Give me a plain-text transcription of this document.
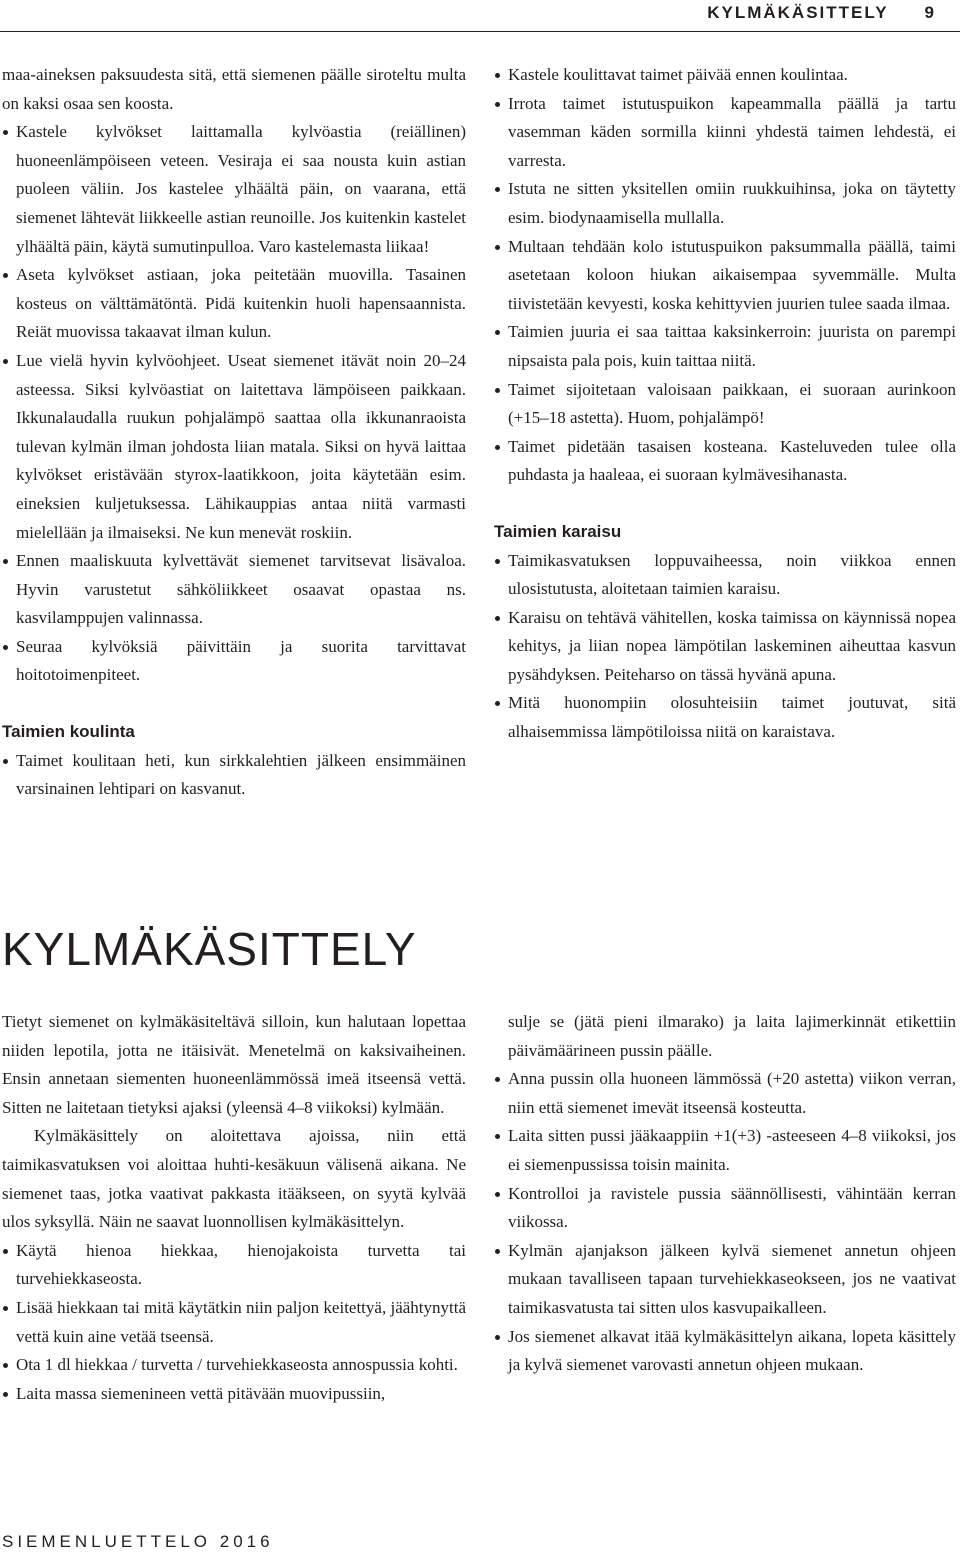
KYLMÄKÄSITTELY 9

maa-aineksen paksuudesta sitä, että siemenen päälle siroteltu multa on kaksi osaa sen koosta.

Kastele kylvökset laittamalla kylvöastia (reiällinen) huoneenlämpöiseen veteen. Vesiraja ei saa nousta kuin astian puoleen väliin. Jos kastelee ylhäältä päin, on vaarana, että siemenet lähtevät liikkeelle astian reunoille. Jos kuitenkin kastelet ylhäältä päin, käytä sumutinpulloa. Varo kastelemasta liikaa!
Aseta kylvökset astiaan, joka peitetään muovilla. Tasainen kosteus on välttämätöntä. Pidä kuitenkin huoli hapensaannista. Reiät muovissa takaavat ilman kulun.
Lue vielä hyvin kylvöohjeet. Useat siemenet itävät noin 20–24 asteessa. Siksi kylvöastiat on laitettava lämpöiseen paikkaan. Ikkunalaudalla ruukun pohjalämpö saattaa olla ikkunanraoista tulevan kylmän ilman johdosta liian matala. Siksi on hyvä laittaa kylvökset eristävään styrox-laatikkoon, joita käytetään esim. eineksien kuljetuksessa. Lähikauppias antaa niitä varmasti mielellään ja ilmaiseksi. Ne kun menevät roskiin.
Ennen maaliskuuta kylvettävät siemenet tarvitsevat lisävaloa. Hyvin varustetut sähköliikkeet osaavat opastaa ns. kasvilamppujen valinnassa.
Seuraa kylvöksiä päivittäin ja suorita tarvittavat hoitotoimenpiteet.
Taimien koulinta
Taimet koulitaan heti, kun sirkkalehtien jälkeen ensimmäinen varsinainen lehtipari on kasvanut.
Kastele koulittavat taimet päivää ennen koulintaa.
Irrota taimet istutuspuikon kapeammalla päällä ja tartu vasemman käden sormilla kiinni yhdestä taimen lehdestä, ei varresta.
Istuta ne sitten yksitellen omiin ruukkuihinsa, joka on täytetty esim. biodynaamisella mullalla.
Multaan tehdään kolo istutuspuikon paksummalla päällä, taimi asetetaan koloon hiukan aikaisempaa syvemmälle. Multa tiivistetään kevyesti, koska kehittyvien juurien tulee saada ilmaa.
Taimien juuria ei saa taittaa kaksinkerroin: juurista on parempi nipsaista pala pois, kuin taittaa niitä.
Taimet sijoitetaan valoisaan paikkaan, ei suoraan aurinkoon (+15–18 astetta). Huom, pohjalämpö!
Taimet pidetään tasaisen kosteana. Kasteluveden tulee olla puhdasta ja haaleaa, ei suoraan kylmävesihanasta.
Taimien karaisu
Taimikasvatuksen loppuvaiheessa, noin viikkoa ennen ulosistutusta, aloitetaan taimien karaisu.
Karaisu on tehtävä vähitellen, koska taimissa on käynnissä nopea kehitys, ja liian nopea lämpötilan laskeminen aiheuttaa kasvun pysähdyksen. Peiteharso on tässä hyvänä apuna.
Mitä huonompiin olosuhteisiin taimet joutuvat, sitä alhaisemmissa lämpötiloissa niitä on karaistava.
KYLMÄKÄSITTELY

Tietyt siemenet on kylmäkäsiteltävä silloin, kun halutaan lopettaa niiden lepotila, jotta ne itäisivät. Menetelmä on kaksivaiheinen. Ensin annetaan siementen huoneenlämmössä imeä itseensä vettä. Sitten ne laitetaan tietyksi ajaksi (yleensä 4–8 viikoksi) kylmään.

Kylmäkäsittely on aloitettava ajoissa, niin että taimikasvatuksen voi aloittaa huhti-kesäkuun välisenä aikana. Ne siemenet taas, jotka vaativat pakkasta itääkseen, on syytä kylvää ulos syksyllä. Näin ne saavat luonnollisen kylmäkäsittelyn.

Käytä hienoa hiekkaa, hienojakoista turvetta tai turvehiekkaseosta.
Lisää hiekkaan tai mitä käytätkin niin paljon keitettyä, jäähtynyttä vettä kuin aine vetää tseensä.
Ota 1 dl hiekkaa / turvetta / turvehiekkaseosta annospussia kohti.
Laita massa siemenineen vettä pitävään muovipussiin,

sulje se (jätä pieni ilmarako) ja laita lajimerkinnät etikettiin päivämäärineen pussin päälle.

Anna pussin olla huoneen lämmössä (+20 astetta) viikon verran, niin että siemenet imevät itseensä kosteutta.
Laita sitten pussi jääkaappiin +1(+3) -asteeseen 4–8 viikoksi, jos ei siemenpussissa toisin mainita.
Kontrolloi ja ravistele pussia säännöllisesti, vähintään kerran viikossa.
Kylmän ajanjakson jälkeen kylvä siemenet annetun ohjeen mukaan tavalliseen tapaan turvehiekkaseokseen, jos ne vaativat taimikasvatusta tai sitten ulos kasvupaikalleen.
Jos siemenet alkavat itää kylmäkäsittelyn aikana, lopeta käsittely ja kylvä siemenet varovasti annetun ohjeen mukaan.
SIEMENLUETTELO 2016
